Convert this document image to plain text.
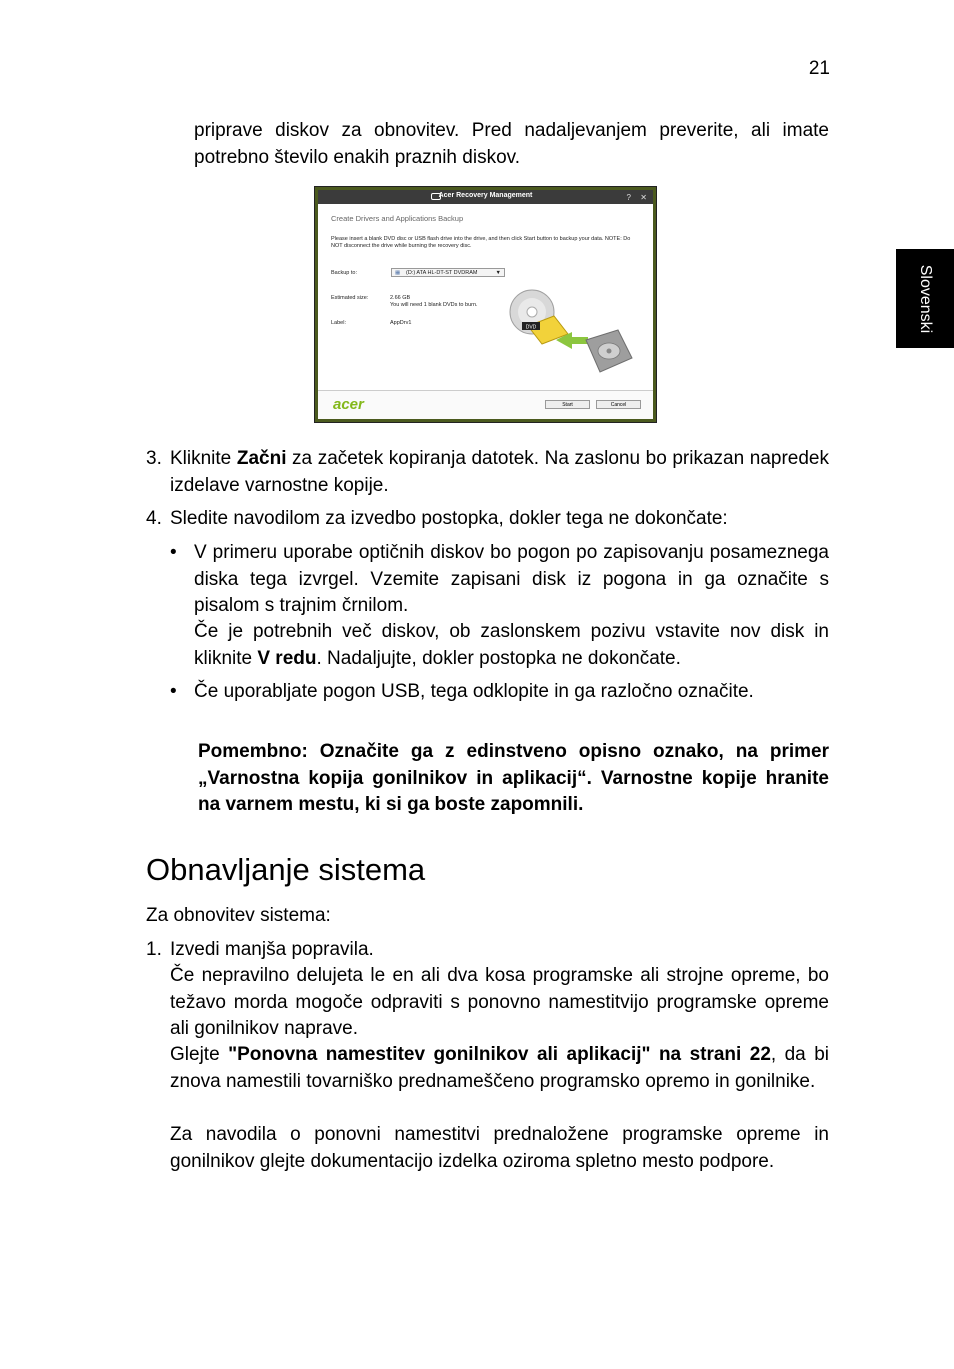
21
Slovenski
priprave diskov za obnovitev. Pred nadaljevanjem preverite, ali imate potrebno število enakih praznih diskov.
Acer Recovery Management	? ✕
Create Drivers and Applications Backup
Please insert a blank DVD disc or USB flash drive into the drive, and then click Start button to backup your data. NOTE: Do NOT disconnect the drive while burning the recovery disc.
Backup to:	▦ (D:) ATA HL-DT-ST DVDRAM	▼
Estimated size:	2.66 GB
You will need 1 blank DVDs to burn.
Label:	AppDrv1
DVD
acer	Start	Cancel
3. Kliknite Začni za začetek kopiranja datotek. Na zaslonu bo prikazan napredek izdelave varnostne kopije.
4. Sledite navodilom za izvedbo postopka, dokler tega ne dokončate:
• V primeru uporabe optičnih diskov bo pogon po zapisovanju posameznega diska tega izvrgel. Vzemite zapisani disk iz pogona in ga označite s pisalom s trajnim črnilom.
Če je potrebnih več diskov, ob zaslonskem pozivu vstavite nov disk in kliknite V redu. Nadaljujte, dokler postopka ne dokončate.
• Če uporabljate pogon USB, tega odklopite in ga razločno označite.
Pomembno: Označite ga z edinstveno opisno oznako, na primer „Varnostna kopija gonilnikov in aplikacij“. Varnostne kopije hranite na varnem mestu, ki si ga boste zapomnili.
Obnavljanje sistema
Za obnovitev sistema:
1. Izvedi manjša popravila.
Če nepravilno delujeta le en ali dva kosa programske ali strojne opreme, bo težavo morda mogoče odpraviti s ponovno namestitvijo programske opreme ali gonilnikov naprave.
Glejte "Ponovna namestitev gonilnikov ali aplikacij" na strani 22, da bi znova namestili tovarniško prednameščeno programsko opremo in gonilnike.
Za navodila o ponovni namestitvi prednaložene programske opreme in gonilnikov glejte dokumentacijo izdelka oziroma spletno mesto podpore.
